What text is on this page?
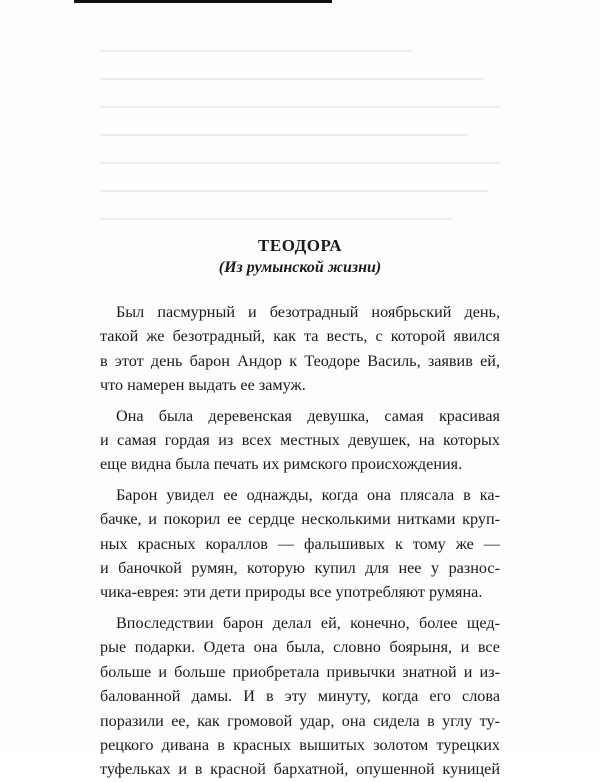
ТЕОДОРА
(Из румынской жизни)

Был пасмурный и безотрадный ноябрьский день,
такой же безотрадный, как та весть, с которой явился
в этот день барон Андор к Теодоре Василь, заявив ей,
что намерен выдать ее замуж.

Она была деревенская девушка, самая красивая
и самая гордая из всех местных девушек, на которых
еще видна была печать их римского происхождения.

Барон увидел ее однажды, когда она плясала в ка-
бачке, и покорил ее сердце несколькими нитками круп-
ных красных кораллов — фальшивых к тому же —
и баночкой румян, которую купил для нее у разнос-
чика-еврея: эти дети природы все употребляют румяна.

Впоследствии барон делал ей, конечно, более щед-
рые подарки. Одета она была, словно боярыня, и все
больше и больше приобретала привычки знатной и из-
балованной дамы. И в эту минуту, когда его слова
поразили ее, как громовой удар, она сидела в углу ту-
рецкого дивана в красных вышитых золотом турецких
туфельках и в красной бархатной, опушенной куницей
